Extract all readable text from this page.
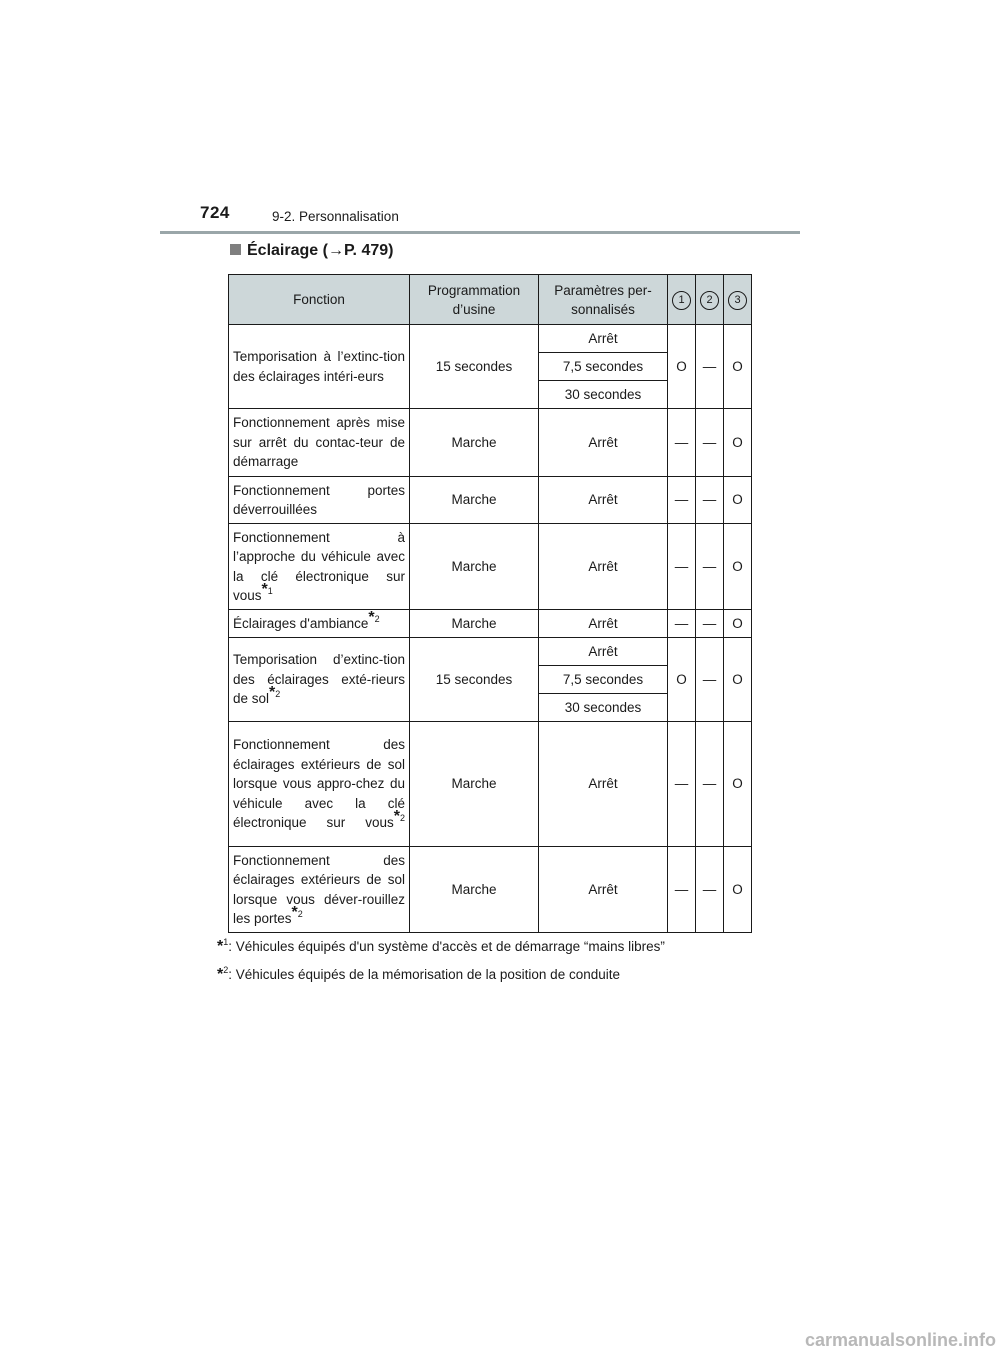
724	9-2. Personnalisation
Éclairage (→P. 479)
Fonction	Programmation d’usine	Paramètres per-sonnalisés	1	2	3
Temporisation à l’extinc-tion des éclairages intéri-eurs	15 secondes	Arrêt	O	—	O
		7,5 secondes			
		30 secondes			
Fonctionnement après mise sur arrêt du contac-teur de démarrage	Marche	Arrêt	—	—	O
Fonctionnement portes déverrouillées	Marche	Arrêt	—	—	O
Fonctionnement à l’approche du véhicule avec la clé électronique sur vous$^{*1}$	Marche	Arrêt	—	—	O
Éclairages d'ambiance$^{*2}$	Marche	Arrêt	—	—	O
Temporisation d’extinc-tion des éclairages exté-rieurs de sol$^{*2}$	15 secondes	Arrêt	O	—	O
		7,5 secondes			
		30 secondes			
Fonctionnement des éclairages extérieurs de sol lorsque vous appro-chez du véhicule avec la clé électronique sur vous$^{*2}$	Marche	Arrêt	—	—	O
Fonctionnement des éclairages extérieurs de sol lorsque vous déver-rouillez les portes$^{*2}$	Marche	Arrêt	—	—	O
*$^1$: Véhicules équipés d'un système d'accès et de démarrage “mains libres”
*$^2$: Véhicules équipés de la mémorisation de la position de conduite
carmanualsonline.info
